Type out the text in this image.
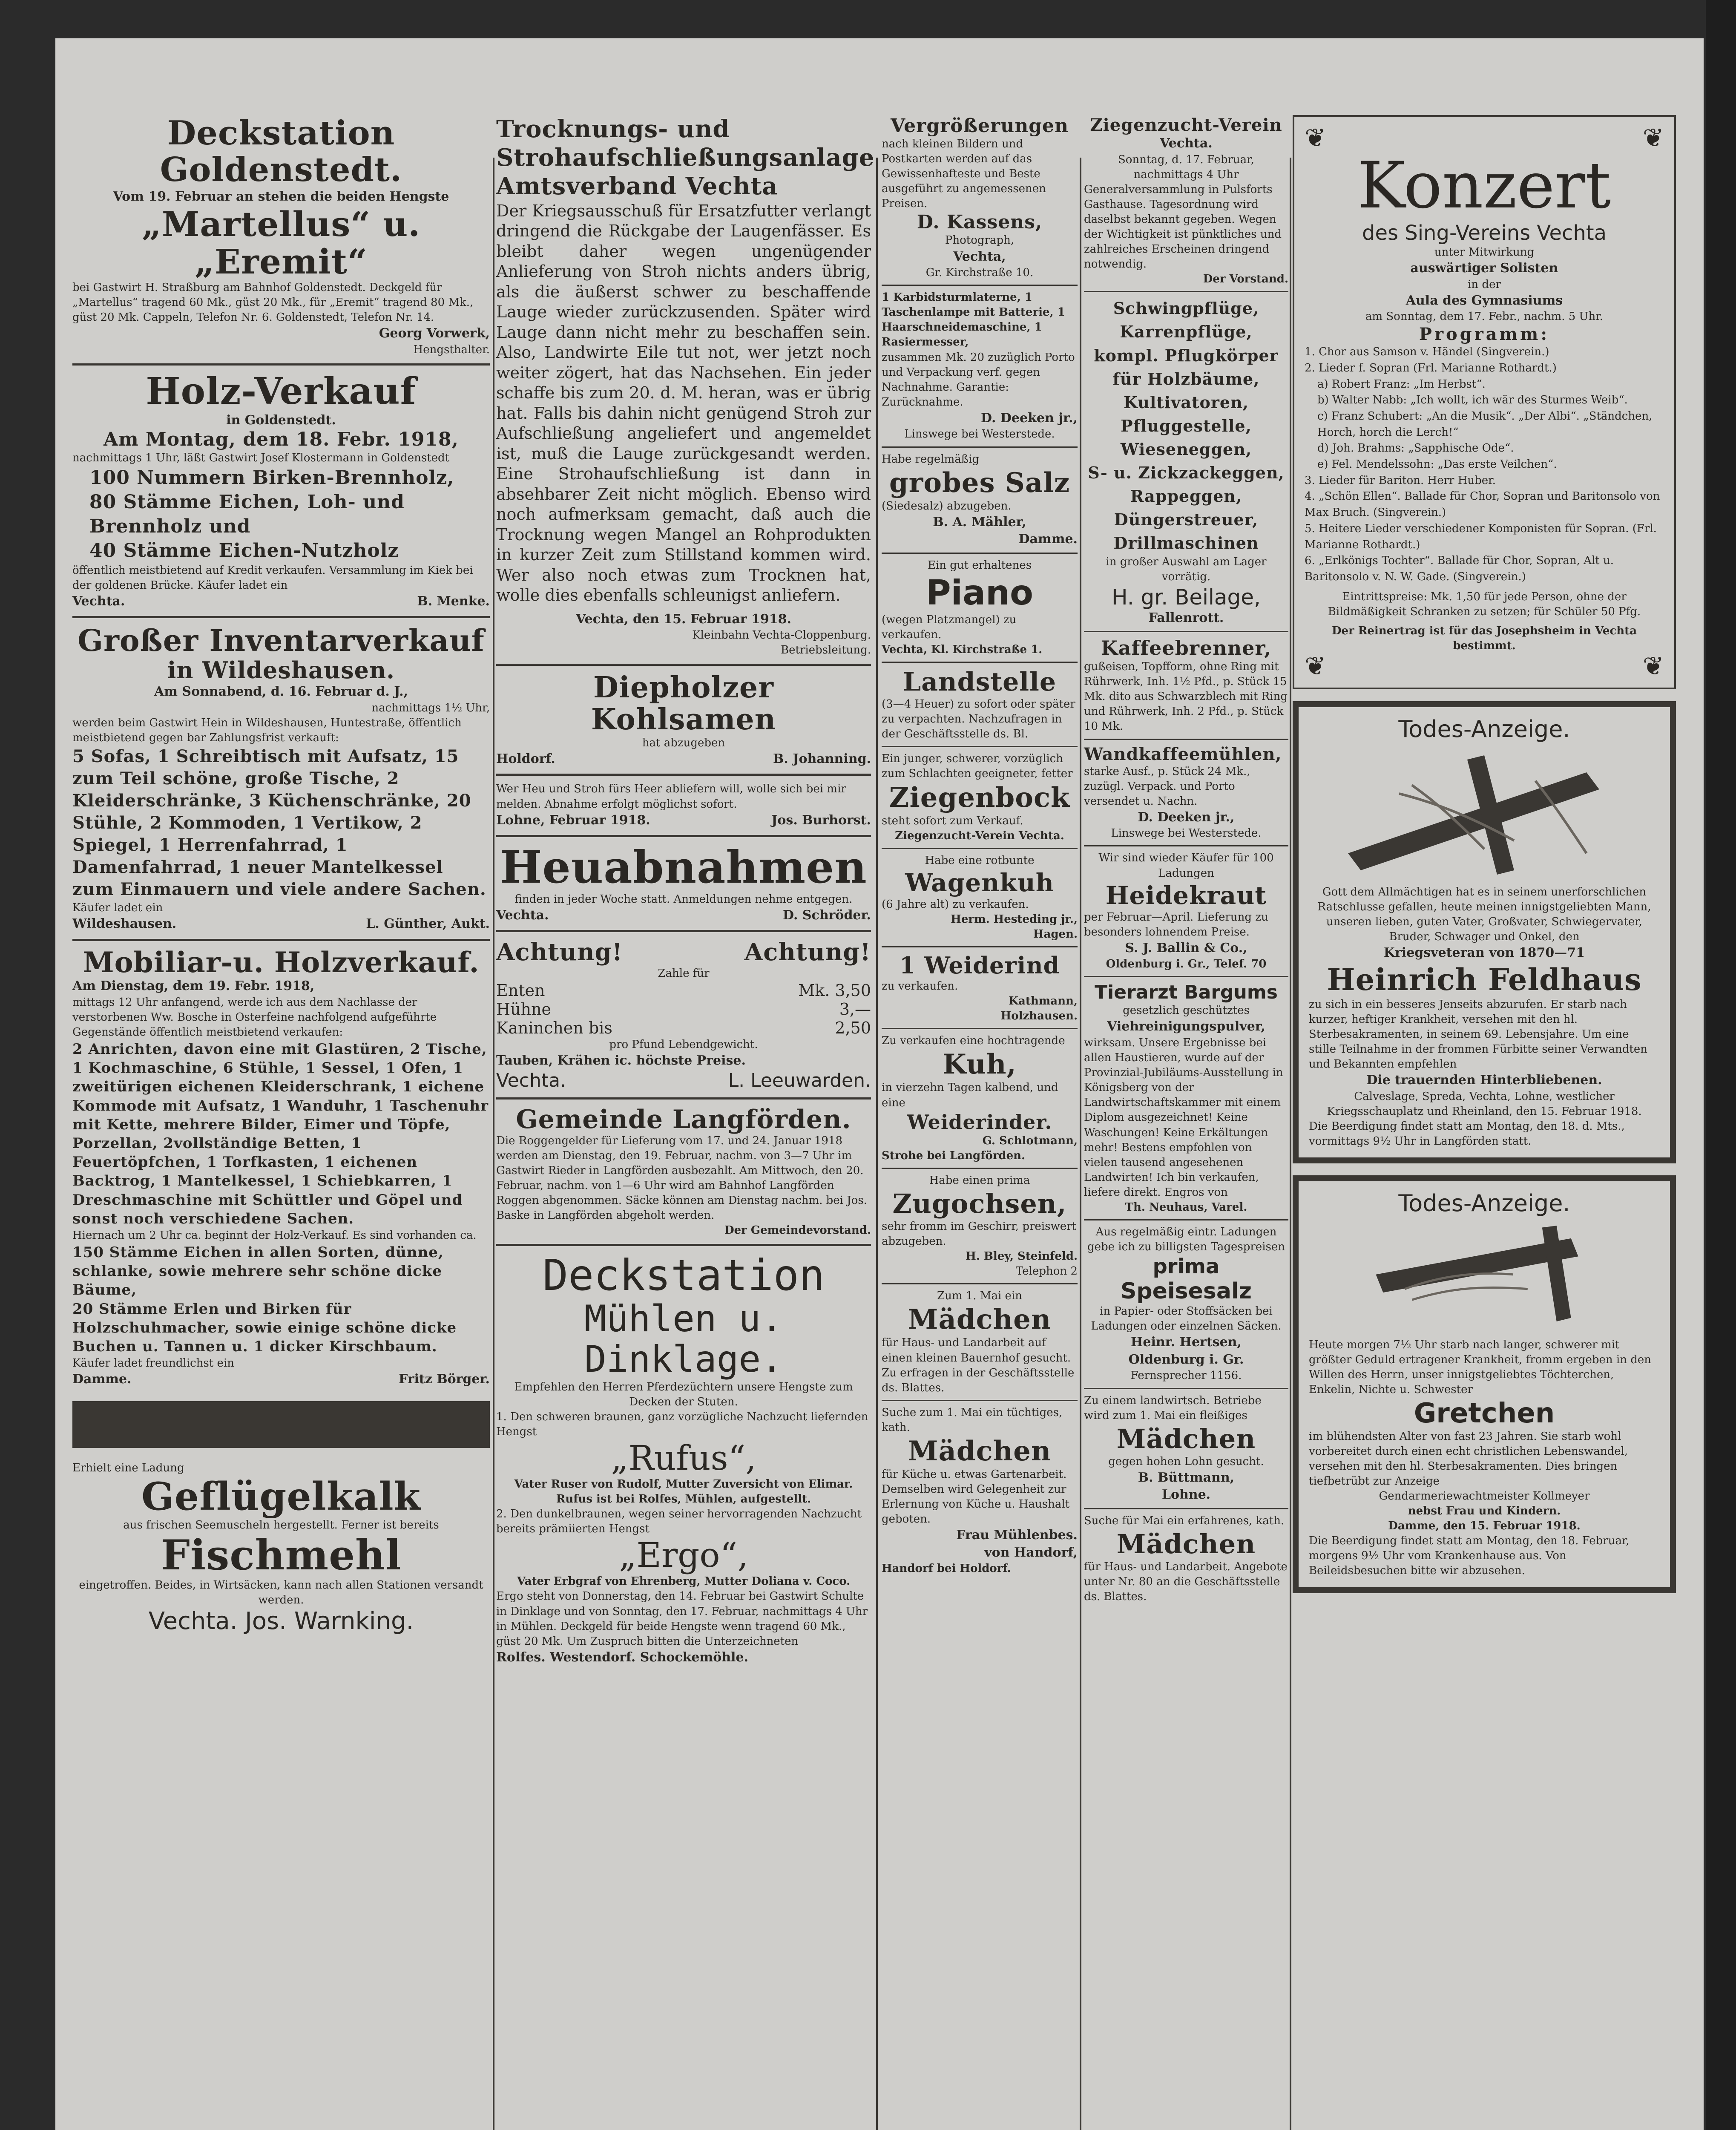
Deckstation Goldenstedt.
Vom 19. Februar an stehen die beiden Hengste
„Martellus“ u. „Eremit“
bei Gastwirt H. Straßburg am Bahnhof Goldenstedt. Deckgeld für „Martellus“ tragend 60 Mk., güst 20 Mk., für „Eremit“ tragend 80 Mk., güst 20 Mk. Cappeln, Telefon Nr. 6. Goldenstedt, Telefon Nr. 14.
Georg Vorwerk,
Hengsthalter.
Holz-Verkauf
in Goldenstedt.
Am Montag, dem 18. Febr. 1918,
nachmittags 1 Uhr, läßt Gastwirt Josef Klostermann in Goldenstedt
100 Nummern Birken-Brennholz,
80 Stämme Eichen, Loh- und Brennholz und
40 Stämme Eichen-Nutzholz
öffentlich meistbietend auf Kredit verkaufen. Versammlung im Kiek bei der goldenen Brücke. Käufer ladet ein
Vechta.	B. Menke.
Großer Inventarverkauf
in Wildeshausen.
Am Sonnabend, d. 16. Februar d. J.,
nachmittags 1½ Uhr,
werden beim Gastwirt Hein in Wildeshausen, Huntestraße, öffentlich meistbietend gegen bar Zahlungsfrist verkauft:
5 Sofas, 1 Schreibtisch mit Aufsatz, 15 zum Teil schöne, große Tische, 2 Kleiderschränke, 3 Küchenschränke, 20 Stühle, 2 Kommoden, 1 Vertikow, 2 Spiegel, 1 Herrenfahrrad, 1 Damenfahrrad, 1 neuer Mantelkessel zum Einmauern und viele andere Sachen.
Käufer ladet ein
Wildeshausen.	L. Günther, Aukt.
Mobiliar-u. Holzverkauf.
Am Dienstag, dem 19. Febr. 1918,
mittags 12 Uhr anfangend, werde ich aus dem Nachlasse der verstorbenen Ww. Bosche in Osterfeine nachfolgend aufgeführte Gegenstände öffentlich meistbietend verkaufen:
2 Anrichten, davon eine mit Glastüren, 2 Tische, 1 Kochmaschine, 6 Stühle, 1 Sessel, 1 Ofen, 1 zweitürigen eichenen Kleiderschrank, 1 eichene Kommode mit Aufsatz, 1 Wanduhr, 1 Taschenuhr mit Kette, mehrere Bilder, Eimer und Töpfe, Porzellan, 2vollständige Betten, 1 Feuertöpfchen, 1 Torfkasten, 1 eichenen Backtrog, 1 Mantelkessel, 1 Schiebkarren, 1 Dreschmaschine mit Schüttler und Göpel und sonst noch verschiedene Sachen.
Hiernach um 2 Uhr ca. beginnt der Holz-Verkauf. Es sind vorhanden ca.
150 Stämme Eichen in allen Sorten, dünne, schlanke, sowie mehrere sehr schöne dicke Bäume,
20 Stämme Erlen und Birken für Holzschuhmacher, sowie einige schöne dicke Buchen u. Tannen u. 1 dicker Kirschbaum.
Käufer ladet freundlichst ein
Damme.	Fritz Börger.
Erhielt eine Ladung
Geflügelkalk
aus frischen Seemuscheln hergestellt. Ferner ist bereits
Fischmehl
eingetroffen. Beides, in Wirtsäcken, kann nach allen Stationen versandt werden.
Vechta. Jos. Warnking.
Trocknungs- und Strohaufschließungsanlage Amtsverband Vechta
Der Kriegsausschuß für Ersatzfutter verlangt dringend die Rückgabe der Laugenfässer. Es bleibt daher wegen ungenügender Anlieferung von Stroh nichts anders übrig, als die äußerst schwer zu beschaffende Lauge wieder zurückzusenden. Später wird Lauge dann nicht mehr zu beschaffen sein. Also, Landwirte Eile tut not, wer jetzt noch weiter zögert, hat das Nachsehen. Ein jeder schaffe bis zum 20. d. M. heran, was er übrig hat. Falls bis dahin nicht genügend Stroh zur Aufschließung angeliefert und angemeldet ist, muß die Lauge zurückgesandt werden. Eine Strohaufschließung ist dann in absehbarer Zeit nicht möglich. Ebenso wird noch aufmerksam gemacht, daß auch die Trocknung wegen Mangel an Rohprodukten in kurzer Zeit zum Stillstand kommen wird. Wer also noch etwas zum Trocknen hat, wolle dies ebenfalls schleunigst anliefern.
Vechta, den 15. Februar 1918.
Kleinbahn Vechta-Cloppenburg.
Betriebsleitung.
Diepholzer Kohlsamen
hat abzugeben
Holdorf.	B. Johanning.
Wer Heu und Stroh fürs Heer abliefern will, wolle sich bei mir melden. Abnahme erfolgt möglichst sofort.
Lohne, Februar 1918.	Jos. Burhorst.
Heuabnahmen
finden in jeder Woche statt. Anmeldungen nehme entgegen.
Vechta.	D. Schröder.
Achtung!	Achtung!
Zahle für
Enten	Mk. 3,50
Hühne	3,—
Kaninchen bis	2,50
pro Pfund Lebendgewicht.
Tauben, Krähen ic. höchste Preise.
Vechta.	L. Leeuwarden.
Gemeinde Langförden.
Die Roggengelder für Lieferung vom 17. und 24. Januar 1918 werden am Dienstag, den 19. Februar, nachm. von 3—7 Uhr im Gastwirt Rieder in Langförden ausbezahlt. Am Mittwoch, den 20. Februar, nachm. von 1—6 Uhr wird am Bahnhof Langförden Roggen abgenommen. Säcke können am Dienstag nachm. bei Jos. Baske in Langförden abgeholt werden.
Der Gemeindevorstand.
Deckstation
Mühlen u. Dinklage.
Empfehlen den Herren Pferdezüchtern unsere Hengste zum Decken der Stuten.
1. Den schweren braunen, ganz vorzügliche Nachzucht liefernden Hengst
„Rufus“,
Vater Ruser von Rudolf, Mutter Zuversicht von Elimar. Rufus ist bei Rolfes, Mühlen, aufgestellt.
2. Den dunkelbraunen, wegen seiner hervorragenden Nachzucht bereits prämiierten Hengst
„Ergo“,
Vater Erbgraf von Ehrenberg, Mutter Doliana v. Coco.
Ergo steht von Donnerstag, den 14. Februar bei Gastwirt Schulte in Dinklage und von Sonntag, den 17. Februar, nachmittags 4 Uhr in Mühlen. Deckgeld für beide Hengste wenn tragend 60 Mk., güst 20 Mk. Um Zuspruch bitten die Unterzeichneten
Rolfes. Westendorf. Schockemöhle.
Vergrößerungen
nach kleinen Bildern und Postkarten werden auf das Gewissenhafteste und Beste ausgeführt zu angemessenen Preisen.
D. Kassens,
Photograph,
Vechta,
Gr. Kirchstraße 10.
1 Karbidsturmlaterne, 1 Taschenlampe mit Batterie, 1 Haarschneidemaschine, 1 Rasiermesser,
zusammen Mk. 20 zuzüglich Porto und Verpackung verf. gegen Nachnahme. Garantie: Zurücknahme.
D. Deeken jr.,
Linswege bei Westerstede.
Habe regelmäßig
grobes Salz
(Siedesalz) abzugeben.
B. A. Mähler,
Damme.
Ein gut erhaltenes
Piano
(wegen Platzmangel) zu verkaufen.
Vechta, Kl. Kirchstraße 1.
Landstelle
(3—4 Heuer) zu sofort oder später zu verpachten. Nachzufragen in der Geschäftsstelle ds. Bl.
Ein junger, schwerer, vorzüglich zum Schlachten geeigneter, fetter
Ziegenbock
steht sofort zum Verkauf.
Ziegenzucht-Verein Vechta.
Habe eine rotbunte
Wagenkuh
(6 Jahre alt) zu verkaufen.
Herm. Hesteding jr.,
Hagen.
1 Weiderind
zu verkaufen.
Kathmann,
Holzhausen.
Zu verkaufen eine hochtragende
Kuh,
in vierzehn Tagen kalbend, und eine
Weiderinder.
G. Schlotmann,
Strohe bei Langförden.
Habe einen prima
Zugochsen,
sehr fromm im Geschirr, preiswert abzugeben.
H. Bley, Steinfeld.
Telephon 2
Zum 1. Mai ein
Mädchen
für Haus- und Landarbeit auf einen kleinen Bauernhof gesucht. Zu erfragen in der Geschäftsstelle ds. Blattes.
Suche zum 1. Mai ein tüchtiges, kath.
Mädchen
für Küche u. etwas Gartenarbeit. Demselben wird Gelegenheit zur Erlernung von Küche u. Haushalt geboten.
Frau Mühlenbes.
von Handorf,
Handorf bei Holdorf.
Ziegenzucht-Verein
Vechta.
Sonntag, d. 17. Februar, nachmittags 4 Uhr
Generalversammlung in Pulsforts Gasthause. Tagesordnung wird daselbst bekannt gegeben. Wegen der Wichtigkeit ist pünktliches und zahlreiches Erscheinen dringend notwendig.
Der Vorstand.
Schwingpflüge,
Karrenpflüge,
kompl. Pflugkörper
für Holzbäume,
Kultivatoren,
Pfluggestelle,
Wieseneggen,
S- u. Zickzackeggen,
Rappeggen,
Düngerstreuer,
Drillmaschinen
in großer Auswahl am Lager vorrätig.
H. gr. Beilage,
Fallenrott.
Kaffeebrenner,
gußeisen, Topfform, ohne Ring mit Rührwerk, Inh. 1½ Pfd., p. Stück 15 Mk. dito aus Schwarzblech mit Ring und Rührwerk, Inh. 2 Pfd., p. Stück 10 Mk.
Wandkaffeemühlen,
starke Ausf., p. Stück 24 Mk., zuzügl. Verpack. und Porto versendet u. Nachn.
D. Deeken jr.,
Linswege bei Westerstede.
Wir sind wieder Käufer für 100 Ladungen
Heidekraut
per Februar—April. Lieferung zu besonders lohnendem Preise.
S. J. Ballin & Co.,
Oldenburg i. Gr., Telef. 70
Tierarzt Bargums
gesetzlich geschütztes
Viehreinigungspulver,
wirksam. Unsere Ergebnisse bei allen Haustieren, wurde auf der Provinzial-Jubiläums-Ausstellung in Königsberg von der Landwirtschaftskammer mit einem Diplom ausgezeichnet! Keine Waschungen! Keine Erkältungen mehr! Bestens empfohlen von vielen tausend angesehenen Landwirten! Ich bin verkaufen, liefere direkt. Engros von
Th. Neuhaus, Varel.
Aus regelmäßig eintr. Ladungen gebe ich zu billigsten Tagespreisen
prima
Speisesalz
in Papier- oder Stoffsäcken bei Ladungen oder einzelnen Säcken.
Heinr. Hertsen,
Oldenburg i. Gr.
Fernsprecher 1156.
Zu einem landwirtsch. Betriebe wird zum 1. Mai ein fleißiges
Mädchen
gegen hohen Lohn gesucht.
B. Büttmann,
Lohne.
Suche für Mai ein erfahrenes, kath.
Mädchen
für Haus- und Landarbeit. Angebote unter Nr. 80 an die Geschäftsstelle ds. Blattes.
❦	❦
Konzert
des Sing-Vereins Vechta
unter Mitwirkung
auswärtiger Solisten
in der
Aula des Gymnasiums
am Sonntag, dem 17. Febr., nachm. 5 Uhr.
Programm:
1. Chor aus Samson v. Händel (Singverein.)
2. Lieder f. Sopran (Frl. Marianne Rothardt.)
a) Robert Franz: „Im Herbst“.
b) Walter Nabb: „Ich wollt, ich wär des Sturmes Weib“.
c) Franz Schubert: „An die Musik“. „Der Albi“. „Ständchen, Horch, horch die Lerch!“
d) Joh. Brahms: „Sapphische Ode“.
e) Fel. Mendelssohn: „Das erste Veilchen“.
3. Lieder für Bariton. Herr Huber.
4. „Schön Ellen“. Ballade für Chor, Sopran und Baritonsolo von Max Bruch. (Singverein.)
5. Heitere Lieder verschiedener Komponisten für Sopran. (Frl. Marianne Rothardt.)
6. „Erlkönigs Tochter“. Ballade für Chor, Sopran, Alt u. Baritonsolo v. N. W. Gade. (Singverein.)
Eintrittspreise: Mk. 1,50 für jede Person, ohne der Bildmäßigkeit Schranken zu setzen; für Schüler 50 Pfg.
Der Reinertrag ist für das Josephsheim in Vechta bestimmt.
❦	❦
Todes-Anzeige.
Gott dem Allmächtigen hat es in seinem unerforschlichen Ratschlusse gefallen, heute meinen innigstgeliebten Mann, unseren lieben, guten Vater, Großvater, Schwiegervater, Bruder, Schwager und Onkel, den
Kriegsveteran von 1870—71
Heinrich Feldhaus
zu sich in ein besseres Jenseits abzurufen. Er starb nach kurzer, heftiger Krankheit, versehen mit den hl. Sterbesakramenten, in seinem 69. Lebensjahre. Um eine stille Teilnahme in der frommen Fürbitte seiner Verwandten und Bekannten empfehlen
Die trauernden Hinterbliebenen.
Calveslage, Spreda, Vechta, Lohne, westlicher Kriegsschauplatz und Rheinland, den 15. Februar 1918.
Die Beerdigung findet statt am Montag, den 18. d. Mts., vormittags 9½ Uhr in Langförden statt.
Todes-Anzeige.
Heute morgen 7½ Uhr starb nach langer, schwerer mit größter Geduld ertragener Krankheit, fromm ergeben in den Willen des Herrn, unser innigstgeliebtes Töchterchen, Enkelin, Nichte u. Schwester
Gretchen
im blühendsten Alter von fast 23 Jahren. Sie starb wohl vorbereitet durch einen echt christlichen Lebenswandel, versehen mit den hl. Sterbesakramenten. Dies bringen tiefbetrübt zur Anzeige
Gendarmeriewachtmeister Kollmeyer
nebst Frau und Kindern.
Damme, den 15. Februar 1918.
Die Beerdigung findet statt am Montag, den 18. Februar, morgens 9½ Uhr vom Krankenhause aus. Von Beileidsbesuchen bitte wir abzusehen.
